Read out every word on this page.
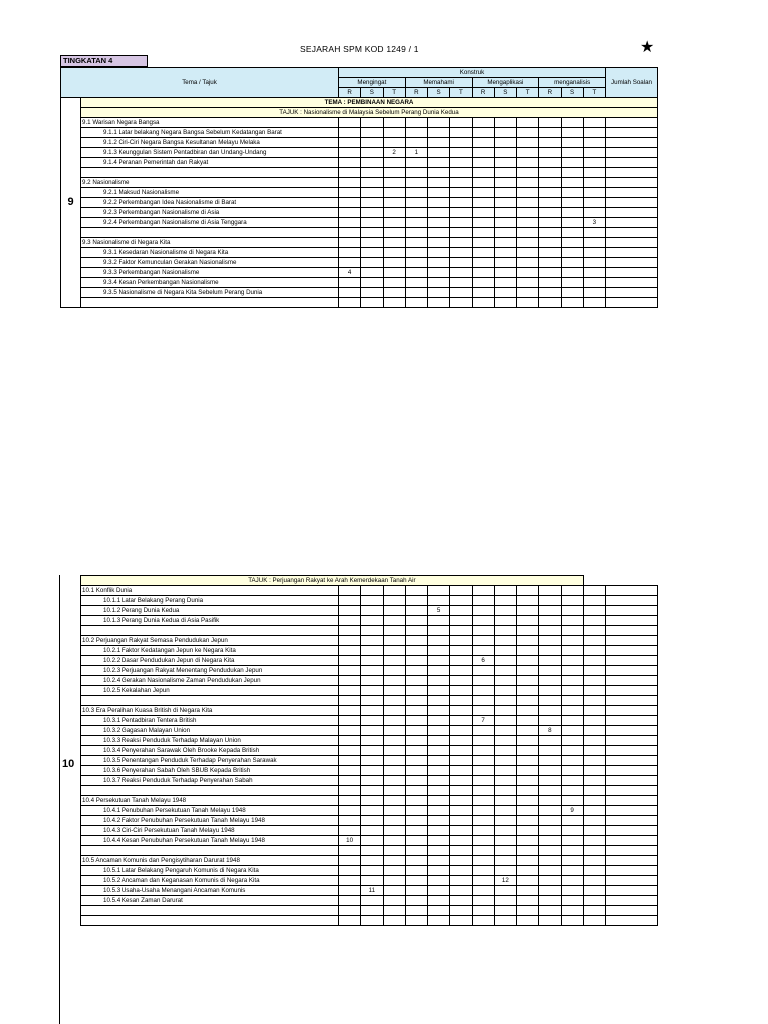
SEJARAH SPM KOD 1249 / 1	★
TINGKATAN 4
Tema / Tajuk		Konstruk												Jumlah Soalan
		Mengingat			Memahami			Mengaplikasi			menganalisis			
		R	S	T	R	S	T	R	S	T	R	S	T	
9	TEMA : PEMBINAAN NEGARA													
	TAJUK : Nasionalisme di Malaysia Sebelum Perang Dunia Kedua													
	9.1 Warisan Negara Bangsa													
	9.1.1 Latar belakang Negara Bangsa Sebelum Kedatangan Barat													
	9.1.2 Ciri-Ciri Negara Bangsa Kesultanan Melayu Melaka													
	9.1.3 Keunggulan Sistem Pentadbiran dan Undang-Undang			2	1									
	9.1.4 Peranan Pemerintah dan Rakyat													

	9.2 Nasionalisme													
	9.2.1 Maksud Nasionalisme													
	9.2.2 Perkembangan Idea Nasionalisme di Barat													
	9.2.3 Perkembangan Nasionalisme di Asia													
	9.2.4 Perkembangan Nasionalisme di Asia Tenggara												3	

	9.3 Nasionalisme di Negara Kita													
	9.3.1 Kesedaran Nasionalisme di Negara Kita													
	9.3.2 Faktor Kemunculan Gerakan Nasionalisme													
	9.3.3 Perkembangan Nasionalisme	4												
	9.3.4 Kesan Perkembangan Nasionalisme													
	9.3.5 Nasionalisme di Negara Kita Sebelum Perang Dunia													

TAJUK : Perjuangan Rakyat ke Arah Kemerdekaan Tanah Air													
10.1 Konflik Dunia													
10.1.1 Latar Belakang Perang Dunia													
10.1.2 Perang Dunia Kedua					5								
10.1.3 Perang Dunia Kedua di Asia Pasifik													

10.2 Perjuangan Rakyat Semasa Pendudukan Jepun													
10.2.1 Faktor Kedatangan Jepun ke Negara Kita													
10.2.2 Dasar Pendudukan Jepun di Negara Kita							6						
10.2.3 Perjuangan Rakyat Menentang Pendudukan Jepun													
10.2.4 Gerakan Nasionalisme Zaman Pendudukan Jepun													
10.2.5 Kekalahan Jepun													

10.3 Era Peralihan Kuasa British di Negara Kita													
10.3.1 Pentadbiran Tentera British							7						
10.3.2 Gagasan Malayan Union										8			
10.3.3 Reaksi Penduduk Terhadap Malayan Union													
10.3.4 Penyerahan Sarawak Oleh Brooke Kepada British													
10.3.5 Penentangan Penduduk Terhadap Penyerahan Sarawak													
10.3.6 Penyerahan Sabah Oleh SBUB Kepada British													
10.3.7 Reaksi Penduduk Terhadap Penyerahan Sabah													

10.4 Persekutuan Tanah Melayu 1948													
10.4.1 Penubuhan Persekutuan Tanah Melayu 1948											9		
10.4.2 Faktor Penubuhan Persekutuan Tanah Melayu 1948													
10.4.3 Ciri-Ciri Persekutuan Tanah Melayu 1948													
10.4.4 Kesan Penubuhan Persekutuan Tanah Melayu 1948	10												

10.5 Ancaman Komunis dan Pengisytiharan Darurat 1948													
10.5.1 Latar Belakang Pengaruh Komunis di Negara Kita													
10.5.2 Ancaman dan Keganasan Komunis di Negara Kita								12					
10.5.3 Usaha-Usaha Menangani Ancaman Komunis		11											
10.5.4 Kesan Zaman Darurat													

10
